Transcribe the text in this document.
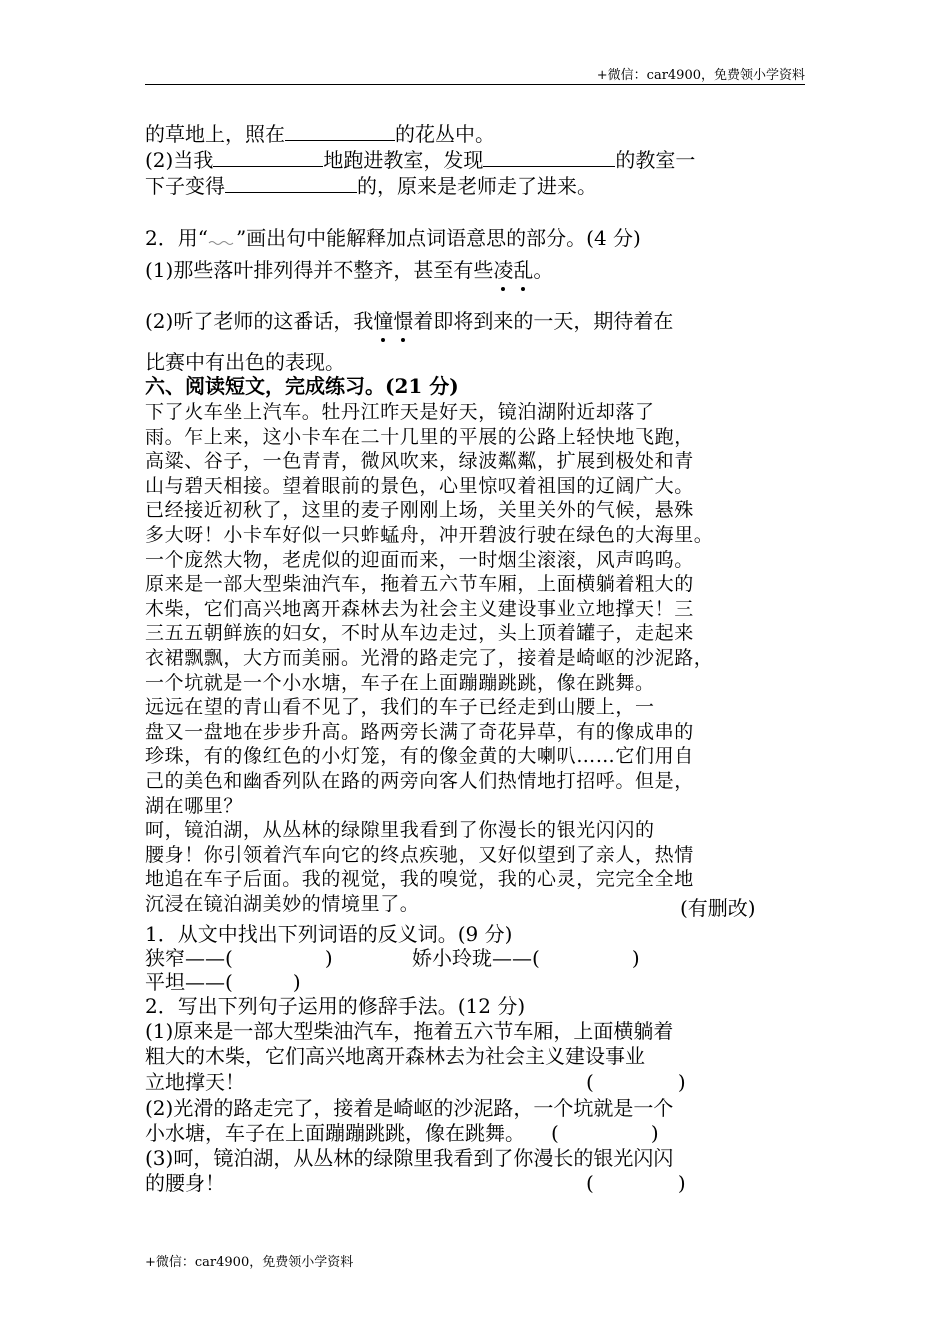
+微信：car4900，免费领小学资料
的草地上，照在	的花丛中。
(2)当我	地跑进教室，发现	的教室一
下子变得	的，原来是老师走了进来。
2．用“ ”画出句中能解释加点词语意思的部分。(4 分)
(1)那些落叶排列得并不整齐，甚至有些凌乱。
(2)听了老师的这番话，我憧憬着即将到来的一天，期待着在
比赛中有出色的表现。
六、阅读短文，完成练习。(21 分)
下了火车坐上汽车。牡丹江昨天是好天，镜泊湖附近却落了
雨。乍上来，这小卡车在二十几里的平展的公路上轻快地飞跑，
高粱、谷子，一色青青，微风吹来，绿波粼粼，扩展到极处和青
山与碧天相接。望着眼前的景色，心里惊叹着祖国的辽阔广大。
已经接近初秋了，这里的麦子刚刚上场，关里关外的气候，悬殊
多大呀！小卡车好似一只蚱蜢舟，冲开碧波行驶在绿色的大海里。
一个庞然大物，老虎似的迎面而来，一时烟尘滚滚，风声呜呜。
原来是一部大型柴油汽车，拖着五六节车厢，上面横躺着粗大的
木柴，它们高兴地离开森林去为社会主义建设事业立地撑天！三
三五五朝鲜族的妇女，不时从车边走过，头上顶着罐子，走起来
衣裙飘飘，大方而美丽。光滑的路走完了，接着是崎岖的沙泥路，
一个坑就是一个小水塘，车子在上面蹦蹦跳跳，像在跳舞。
远远在望的青山看不见了，我们的车子已经走到山腰上，一
盘又一盘地在步步升高。路两旁长满了奇花异草，有的像成串的
珍珠，有的像红色的小灯笼，有的像金黄的大喇叭……它们用自
己的美色和幽香列队在路的两旁向客人们热情地打招呼。但是，
湖在哪里？
呵，镜泊湖，从丛林的绿隙里我看到了你漫长的银光闪闪的
腰身！你引领着汽车向它的终点疾驰，又好似望到了亲人，热情
地追在车子后面。我的视觉，我的嗅觉，我的心灵，完完全全地
沉浸在镜泊湖美妙的情境里了。	(有删改)
1．从文中找出下列词语的反义词。(9 分)
狭窄——(	)	娇小玲珑——(	)
平坦——(	)
2．写出下列句子运用的修辞手法。(12 分)
(1)原来是一部大型柴油汽车，拖着五六节车厢，上面横躺着
粗大的木柴，它们高兴地离开森林去为社会主义建设事业
立地撑天！	(	)
(2)光滑的路走完了，接着是崎岖的沙泥路，一个坑就是一个
小水塘，车子在上面蹦蹦跳跳，像在跳舞。 (	)
(3)呵，镜泊湖，从丛林的绿隙里我看到了你漫长的银光闪闪
的腰身！	(	)
+微信：car4900，免费领小学资料
